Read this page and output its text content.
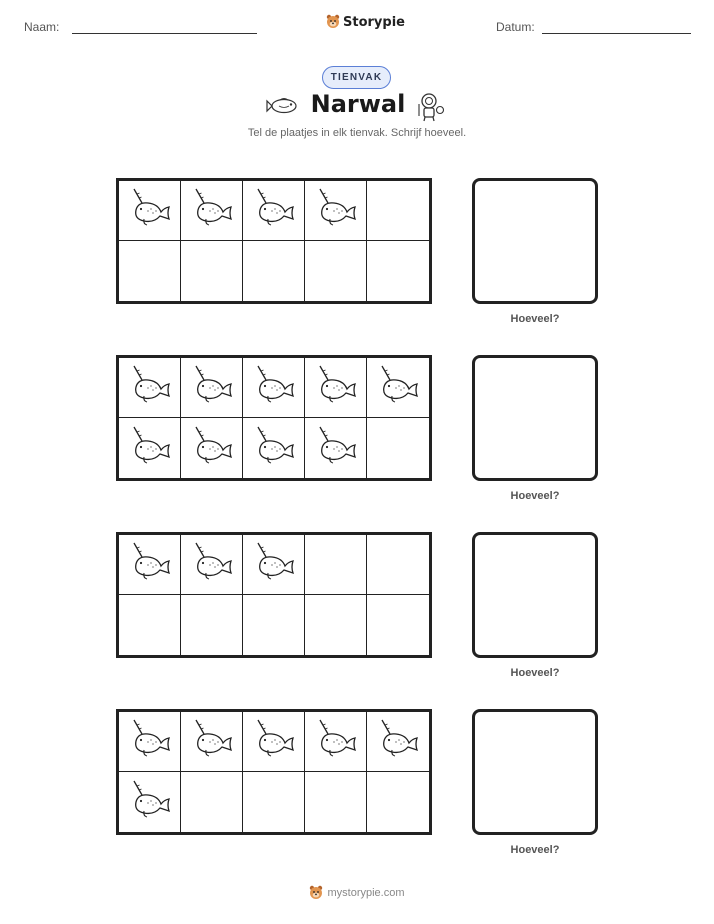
Naam:	Storypie	Datum:
TIENVAK
Narwal
Tel de plaatjes in elk tienvak. Schrijf hoeveel.
Hoeveel?
Hoeveel?
Hoeveel?
Hoeveel?
mystorypie.com
